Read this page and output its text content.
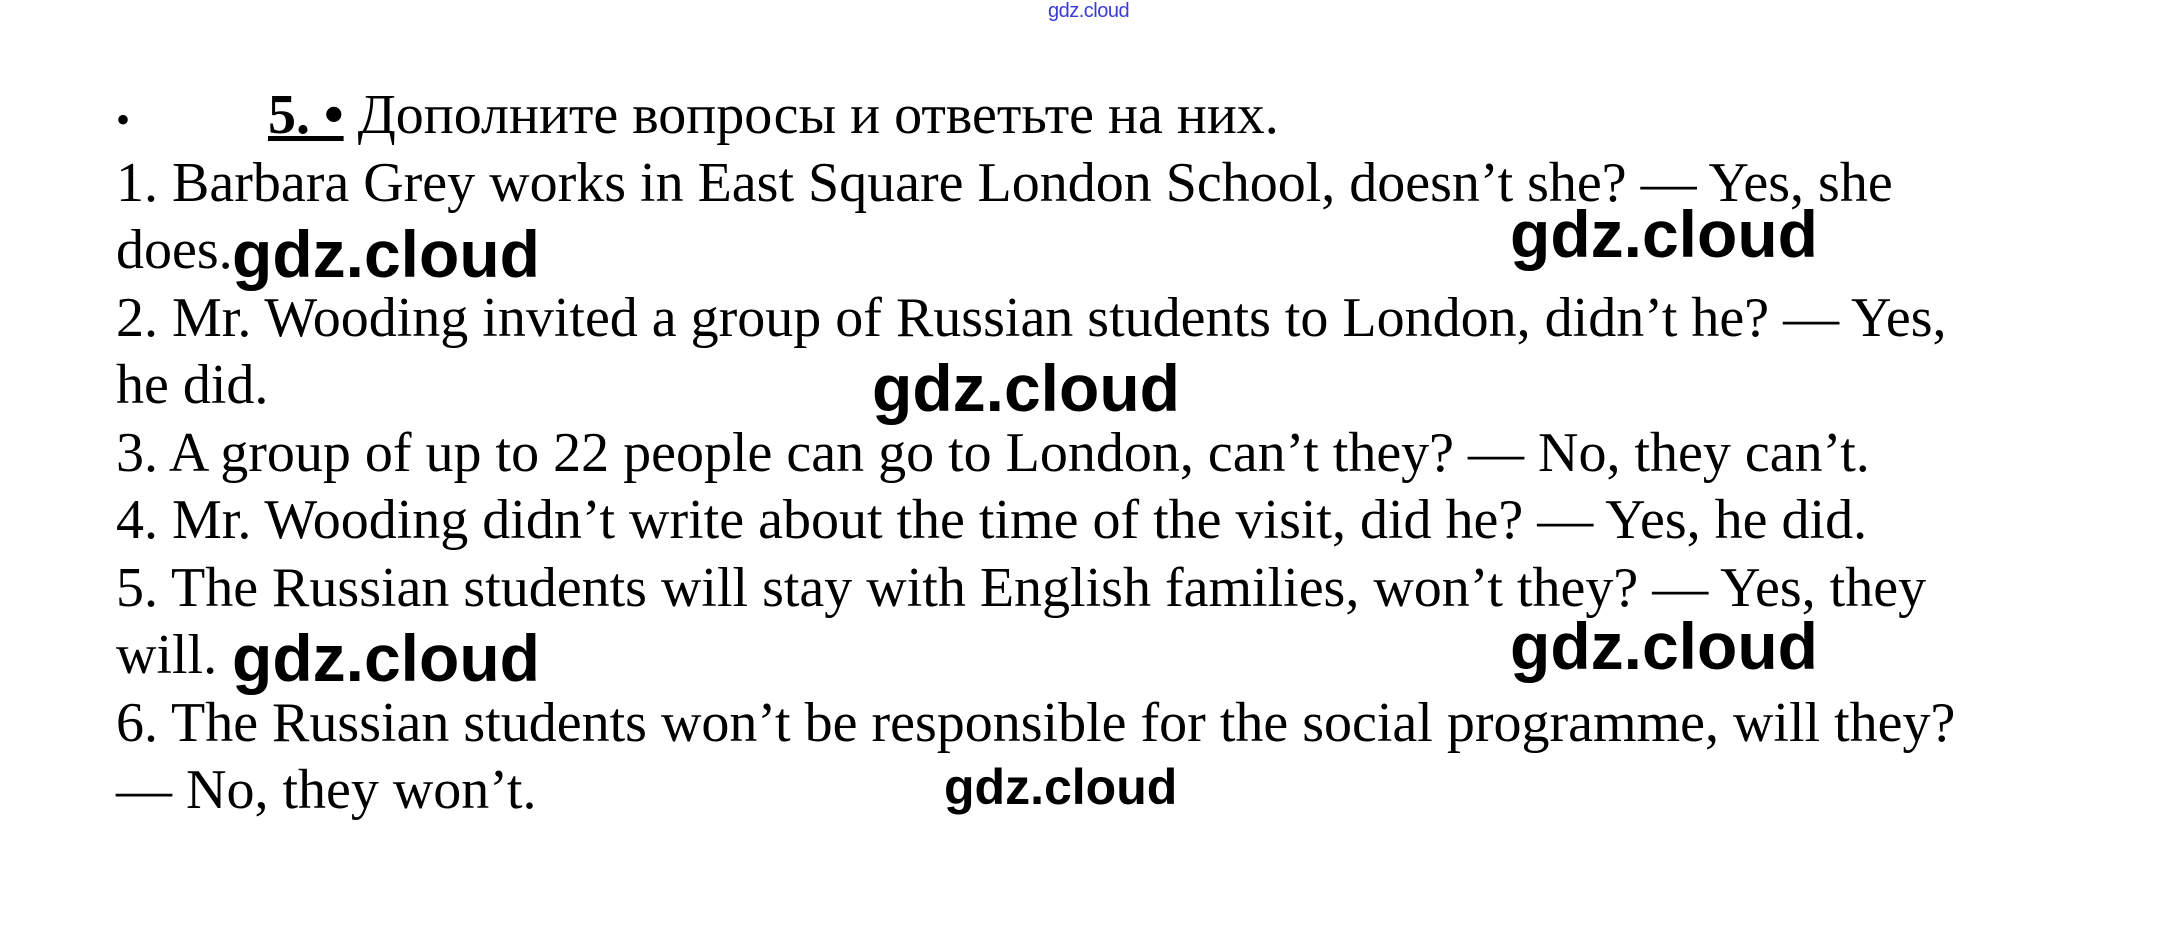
gdz.cloud
• 5. • Дополните вопросы и ответьте на них.
1. Barbara Grey works in East Square London School, doesn’t she? — Yes, she
does.
2. Mr. Wooding invited a group of Russian students to London, didn’t he? — Yes,
he did.
3. A group of up to 22 people can go to London, can’t they? — No, they can’t.
4. Mr. Wooding didn’t write about the time of the visit, did he? — Yes, he did.
5. The Russian students will stay with English families, won’t they? — Yes, they
will.
6. The Russian students won’t be responsible for the social programme, will they?
— No, they won’t.
gdz.cloud	gdz.cloud
gdz.cloud
gdz.cloud	gdz.cloud
gdz.cloud
